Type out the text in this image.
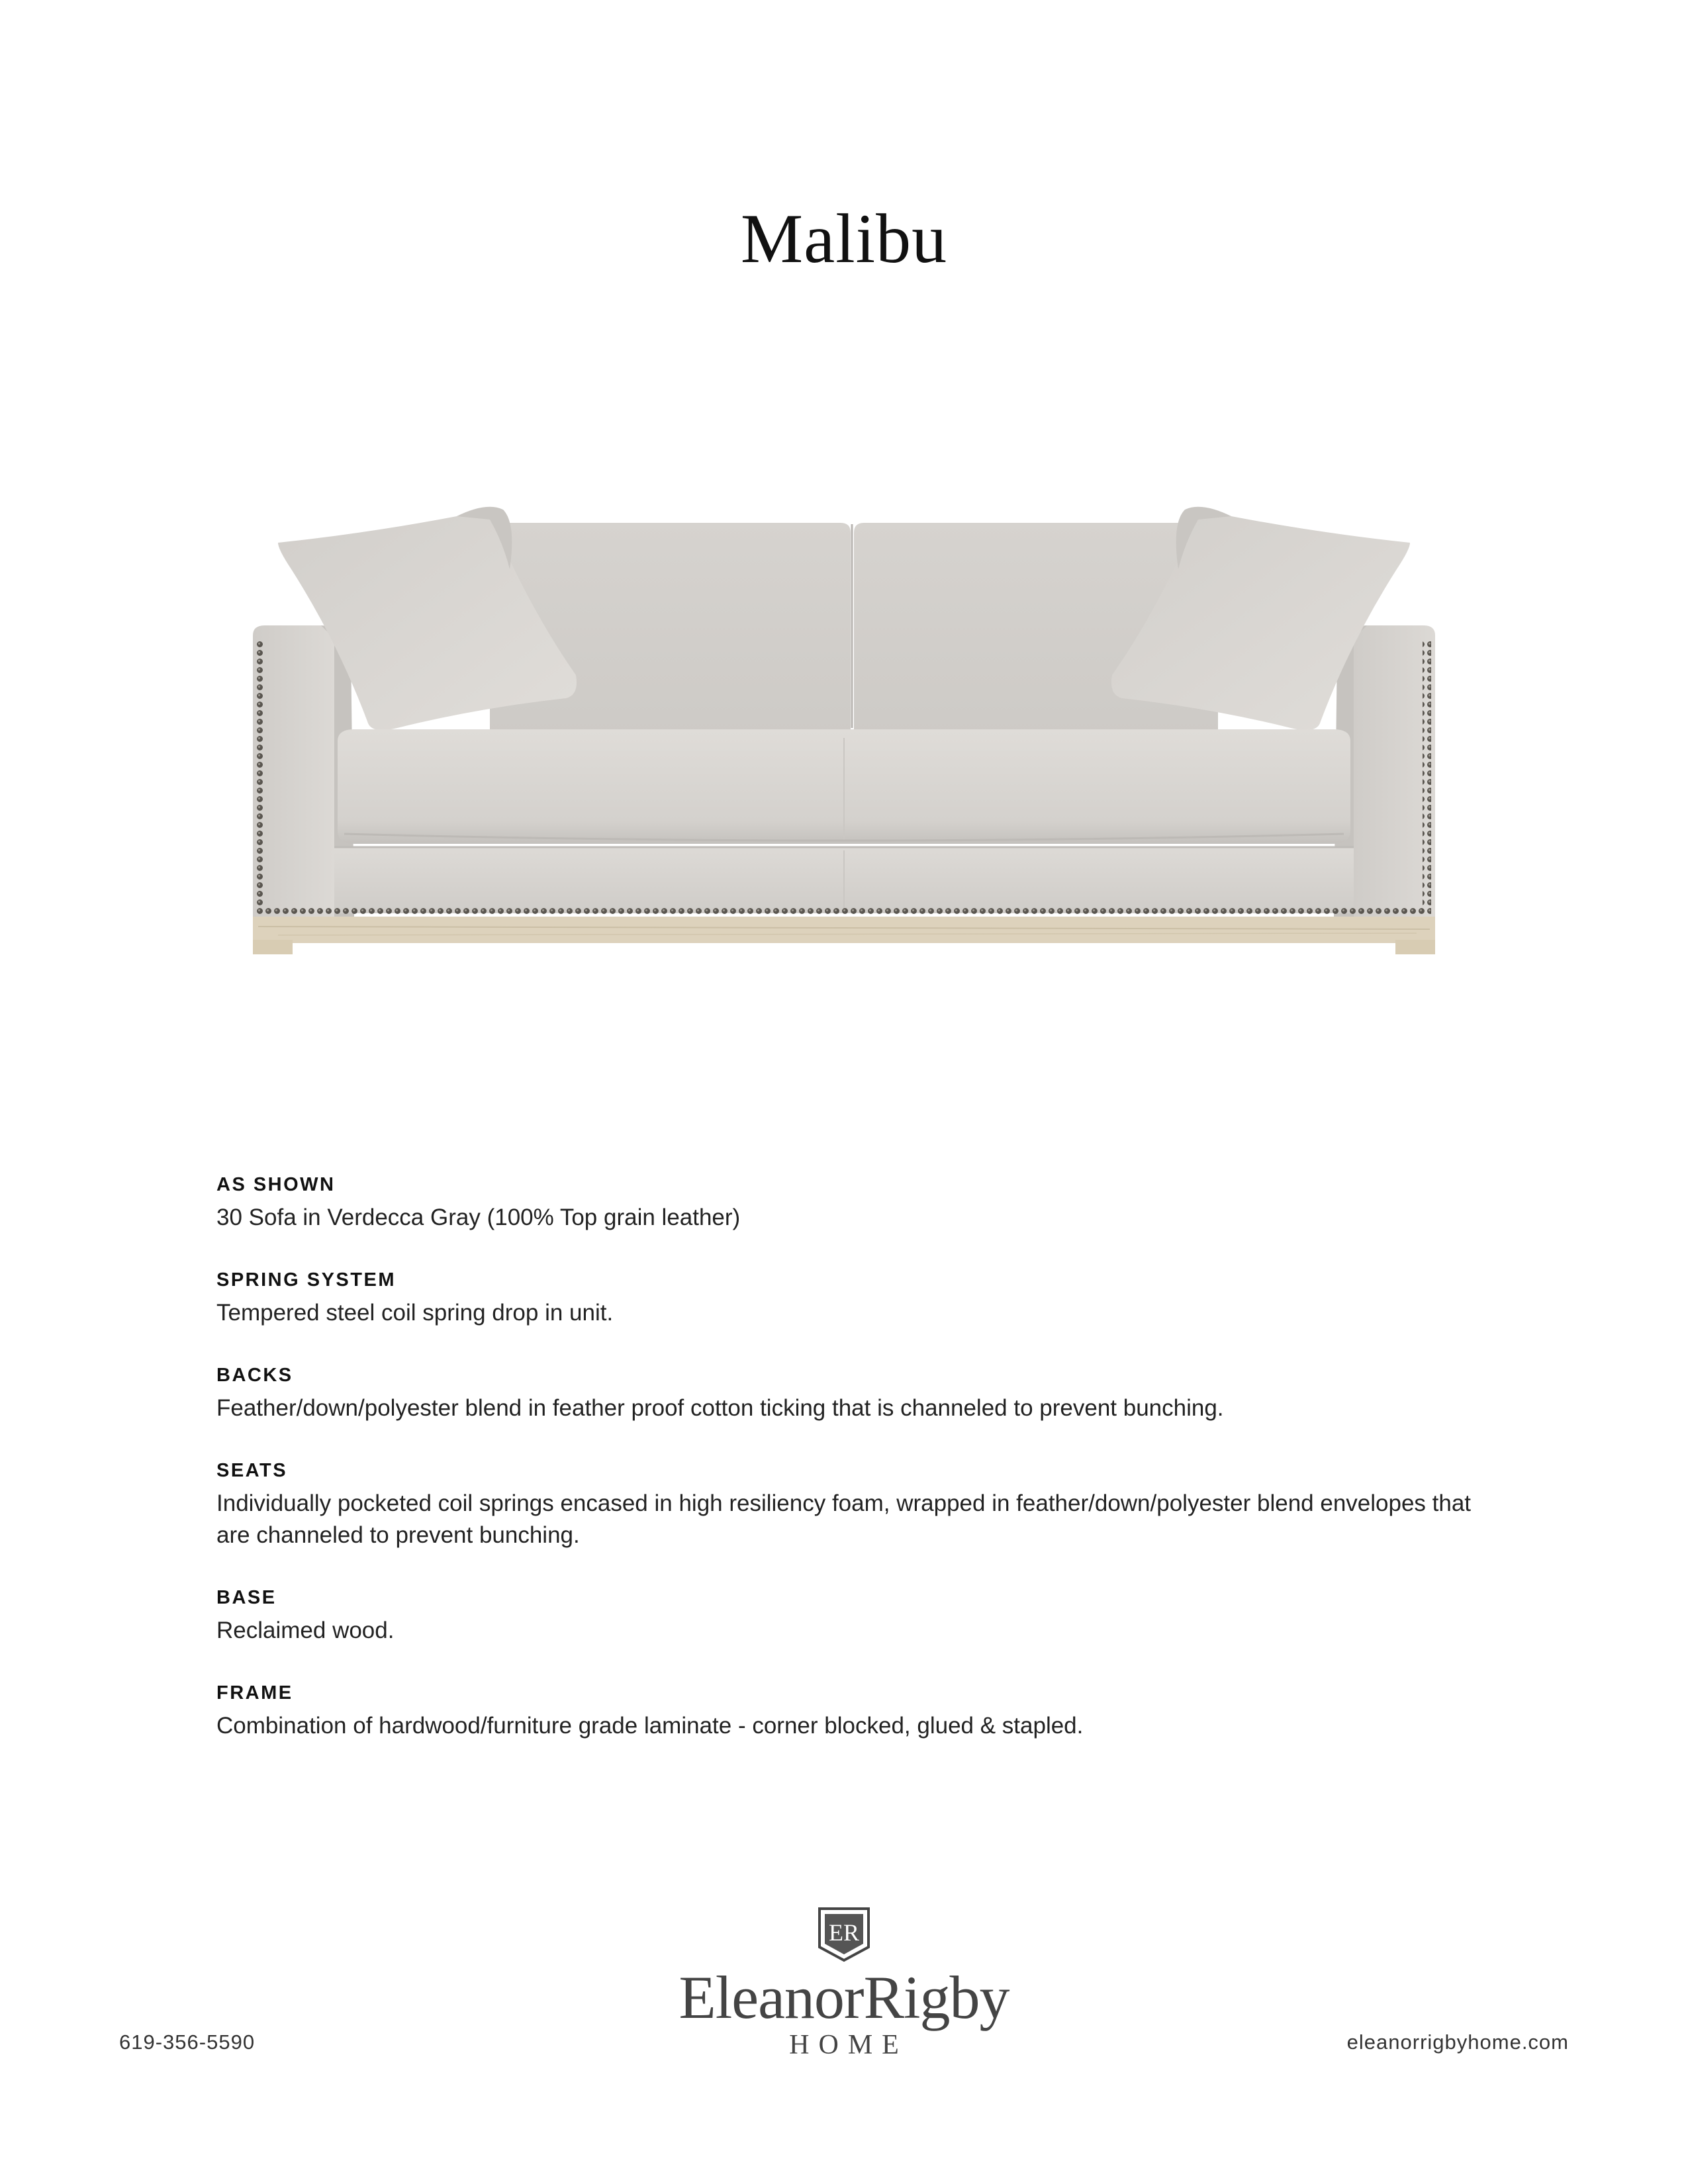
Malibu
AS SHOWN
30 Sofa in Verdecca Gray (100% Top grain leather)
SPRING SYSTEM
Tempered steel coil spring drop in unit.
BACKS
Feather/down/polyester blend in feather proof cotton ticking that is channeled to prevent bunching.
SEATS
Individually pocketed coil springs encased in high resiliency foam, wrapped in feather/down/polyester blend envelopes that are channeled to prevent bunching.
BASE
Reclaimed wood.
FRAME
Combination of hardwood/furniture grade laminate - corner blocked, glued & stapled.
ER
EleanorRigby
HOME
619-356-5590	eleanorrigbyhome.com
